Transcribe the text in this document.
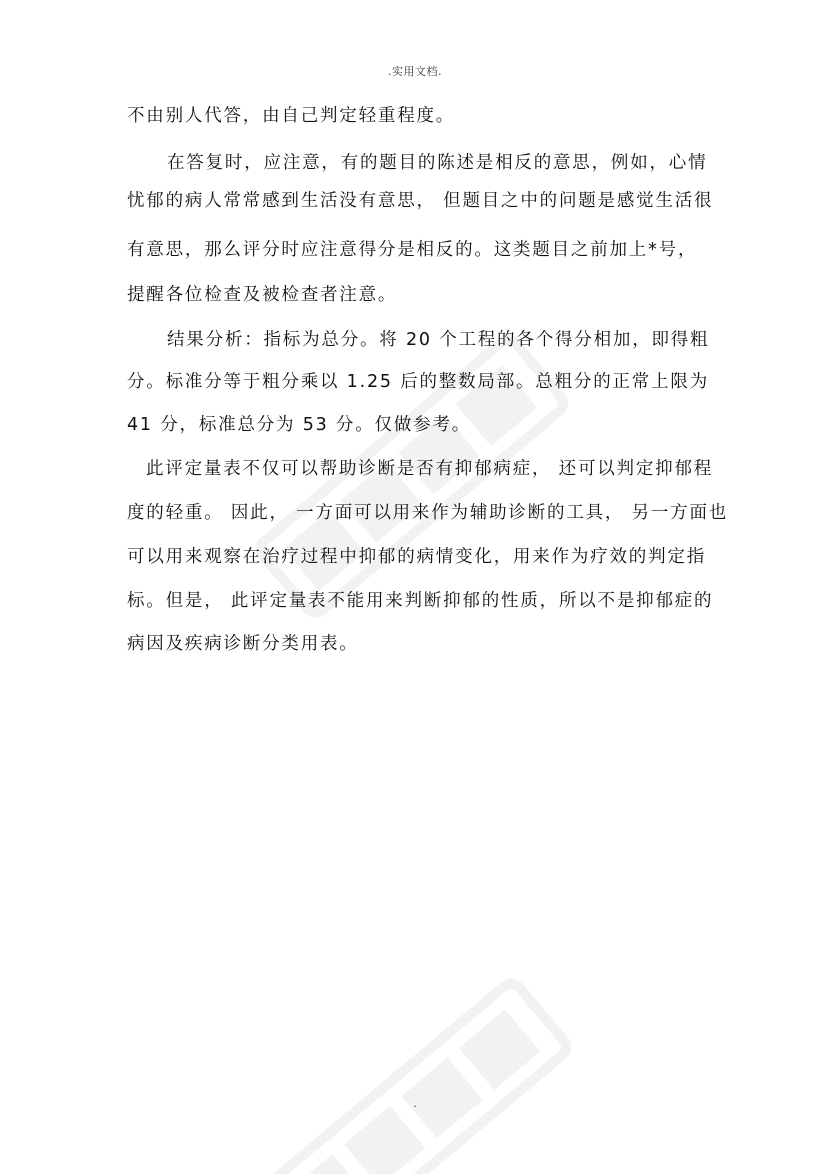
.实用文档.
不由别人代答，由自己判定轻重程度。
在答复时，应注意，有的题目的陈述是相反的意思，例如，心情
忧郁的病人常常感到生活没有意思， 但题目之中的问题是感觉生活很
有意思，那么评分时应注意得分是相反的。这类题目之前加上*号，
提醒各位检查及被检查者注意。
结果分析：指标为总分。将 20 个工程的各个得分相加，即得粗
分。标准分等于粗分乘以 1.25 后的整数局部。总粗分的正常上限为
41 分，标准总分为 53 分。仅做参考。
此评定量表不仅可以帮助诊断是否有抑郁病症， 还可以判定抑郁程
度的轻重。 因此， 一方面可以用来作为辅助诊断的工具， 另一方面也
可以用来观察在治疗过程中抑郁的病情变化，用来作为疗效的判定指
标。但是， 此评定量表不能用来判断抑郁的性质，所以不是抑郁症的
病因及疾病诊断分类用表。
.
